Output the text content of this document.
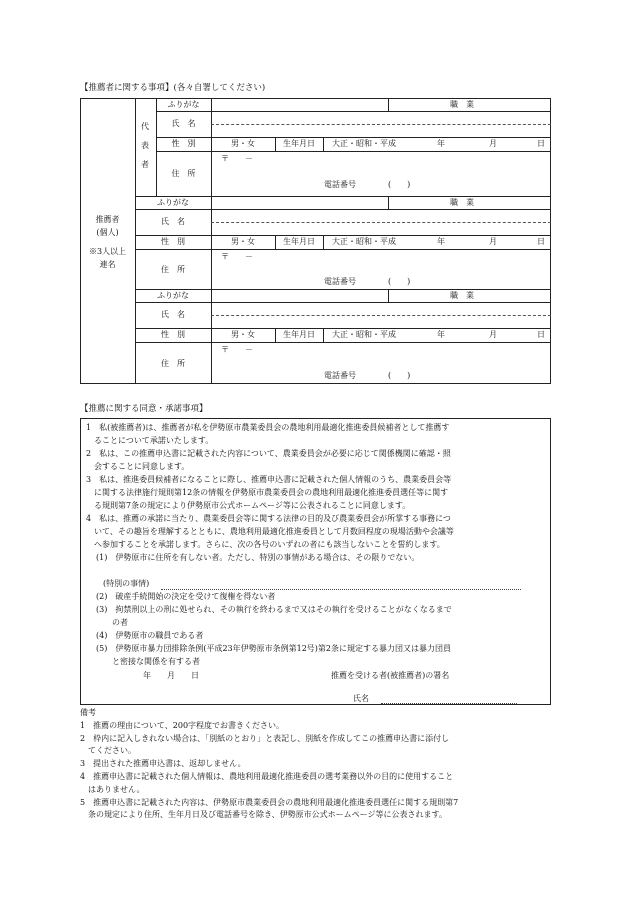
【推薦者に関する事項】(各々自署してください)
代
表
者
推薦者
(個人)
※3人以上
連名
ふりがな	職　業
氏　名
性　別	男・女	生年月日	大正・昭和・平成	年	月	日
〒　　－
住　所
電話番号	(　　)
ふりがな	職　業
氏　名
性　別	男・女	生年月日	大正・昭和・平成	年	月	日
〒　　－
住　所
電話番号	(　　)
ふりがな	職　業
氏　名
性　別	男・女	生年月日	大正・昭和・平成	年	月	日
〒　　－
住　所
電話番号	(　　)
【推薦に関する同意・承諾事項】
1　私(被推薦者)は、推薦者が私を伊勢原市農業委員会の農地利用最適化推進委員候補者として推薦す
　ることについて承諾いたします。
2　私は、この推薦申込書に記載された内容について、農業委員会が必要に応じて関係機関に確認・照
　会することに同意します。
3　私は、推進委員候補者になることに際し、推薦申込書に記載された個人情報のうち、農業委員会等
　に関する法律施行規則第12条の情報を伊勢原市農業委員会の農地利用最適化推進委員選任等に関す
　る規則第7条の規定により伊勢原市公式ホームページ等に公表されることに同意します。
4　私は、推薦の承諾に当たり、農業委員会等に関する法律の目的及び農業委員会が所掌する事務につ
　いて、その趣旨を理解するとともに、農地利用最適化推進委員として月数回程度の現場活動や会議等
　へ参加することを承諾します。さらに、次の各号のいずれの者にも該当しないことを誓約します。
(1)　伊勢原市に住所を有しない者。ただし、特別の事情がある場合は、その限りでない。
(特別の事情)
(2)　破産手続開始の決定を受けて復権を得ない者
(3)　拘禁刑以上の刑に処せられ、その執行を終わるまで又はその執行を受けることがなくなるまで
　　の者
(4)　伊勢原市の職員である者
(5)　伊勢原市暴力団排除条例(平成23年伊勢原市条例第12号)第2条に規定する暴力団又は暴力団員
　　と密接な関係を有する者
年　　月　　日	推薦を受ける者(被推薦者)の署名
氏名
備考
1　推薦の理由について、200字程度でお書きください。
2　枠内に記入しきれない場合は、「別紙のとおり」と表記し、別紙を作成してこの推薦申込書に添付し
　てください。
3　提出された推薦申込書は、返却しません。
4　推薦申込書に記載された個人情報は、農地利用最適化推進委員の選考業務以外の目的に使用すること
　はありません。
5　推薦申込書に記載された内容は、伊勢原市農業委員会の農地利用最適化推進委員選任に関する規則第7
　条の規定により住所、生年月日及び電話番号を除き、伊勢原市公式ホームページ等に公表されます。
